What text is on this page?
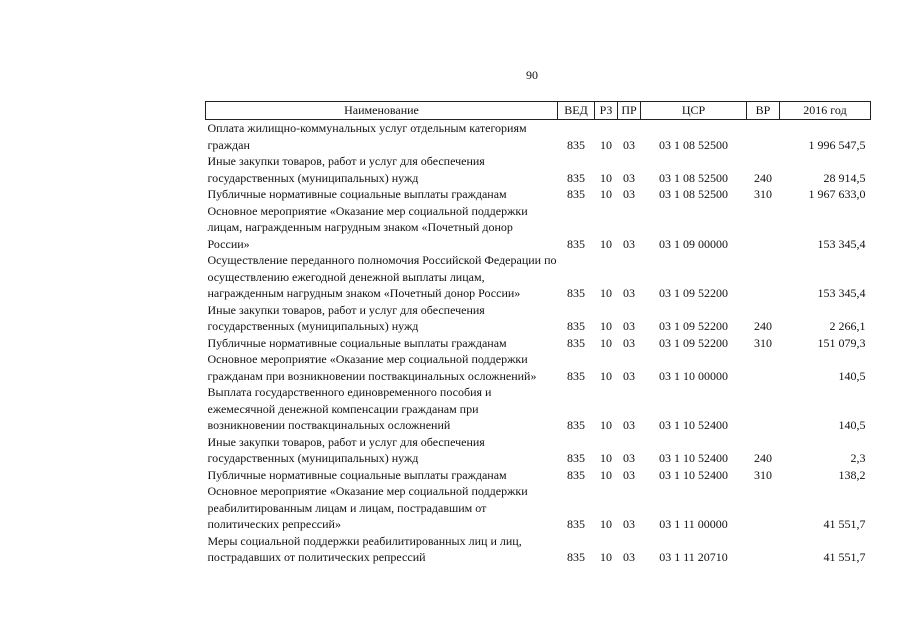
90
Наименование	ВЕД	РЗ	ПР	ЦСР	ВР	2016 год
Оплата жилищно-коммунальных услуг отдельным категориям граждан	835	10	03	03 1 08 52500		1 996 547,5
Иные закупки товаров, работ и услуг для обеспечения государственных (муниципальных) нужд	835	10	03	03 1 08 52500	240	28 914,5
Публичные нормативные социальные выплаты гражданам	835	10	03	03 1 08 52500	310	1 967 633,0
Основное мероприятие «Оказание мер социальной поддержки лицам, награжденным нагрудным знаком «Почетный донор России»	835	10	03	03 1 09 00000		153 345,4
Осуществление переданного полномочия Российской Федерации по осуществлению ежегодной денежной выплаты лицам, награжденным нагрудным знаком «Почетный донор России»	835	10	03	03 1 09 52200		153 345,4
Иные закупки товаров, работ и услуг для обеспечения государственных (муниципальных) нужд	835	10	03	03 1 09 52200	240	2 266,1
Публичные нормативные социальные выплаты гражданам	835	10	03	03 1 09 52200	310	151 079,3
Основное мероприятие «Оказание мер социальной поддержки гражданам при возникновении поствакцинальных осложнений»	835	10	03	03 1 10 00000		140,5
Выплата государственного единовременного пособия и ежемесячной денежной компенсации гражданам при возникновении поствакцинальных осложнений	835	10	03	03 1 10 52400		140,5
Иные закупки товаров, работ и услуг для обеспечения государственных (муниципальных) нужд	835	10	03	03 1 10 52400	240	2,3
Публичные нормативные социальные выплаты гражданам	835	10	03	03 1 10 52400	310	138,2
Основное мероприятие «Оказание мер социальной поддержки реабилитированным лицам и лицам, пострадавшим от политических репрессий»	835	10	03	03 1 11 00000		41 551,7
Меры социальной поддержки реабилитированных лиц и лиц, пострадавших от политических репрессий	835	10	03	03 1 11 20710		41 551,7
